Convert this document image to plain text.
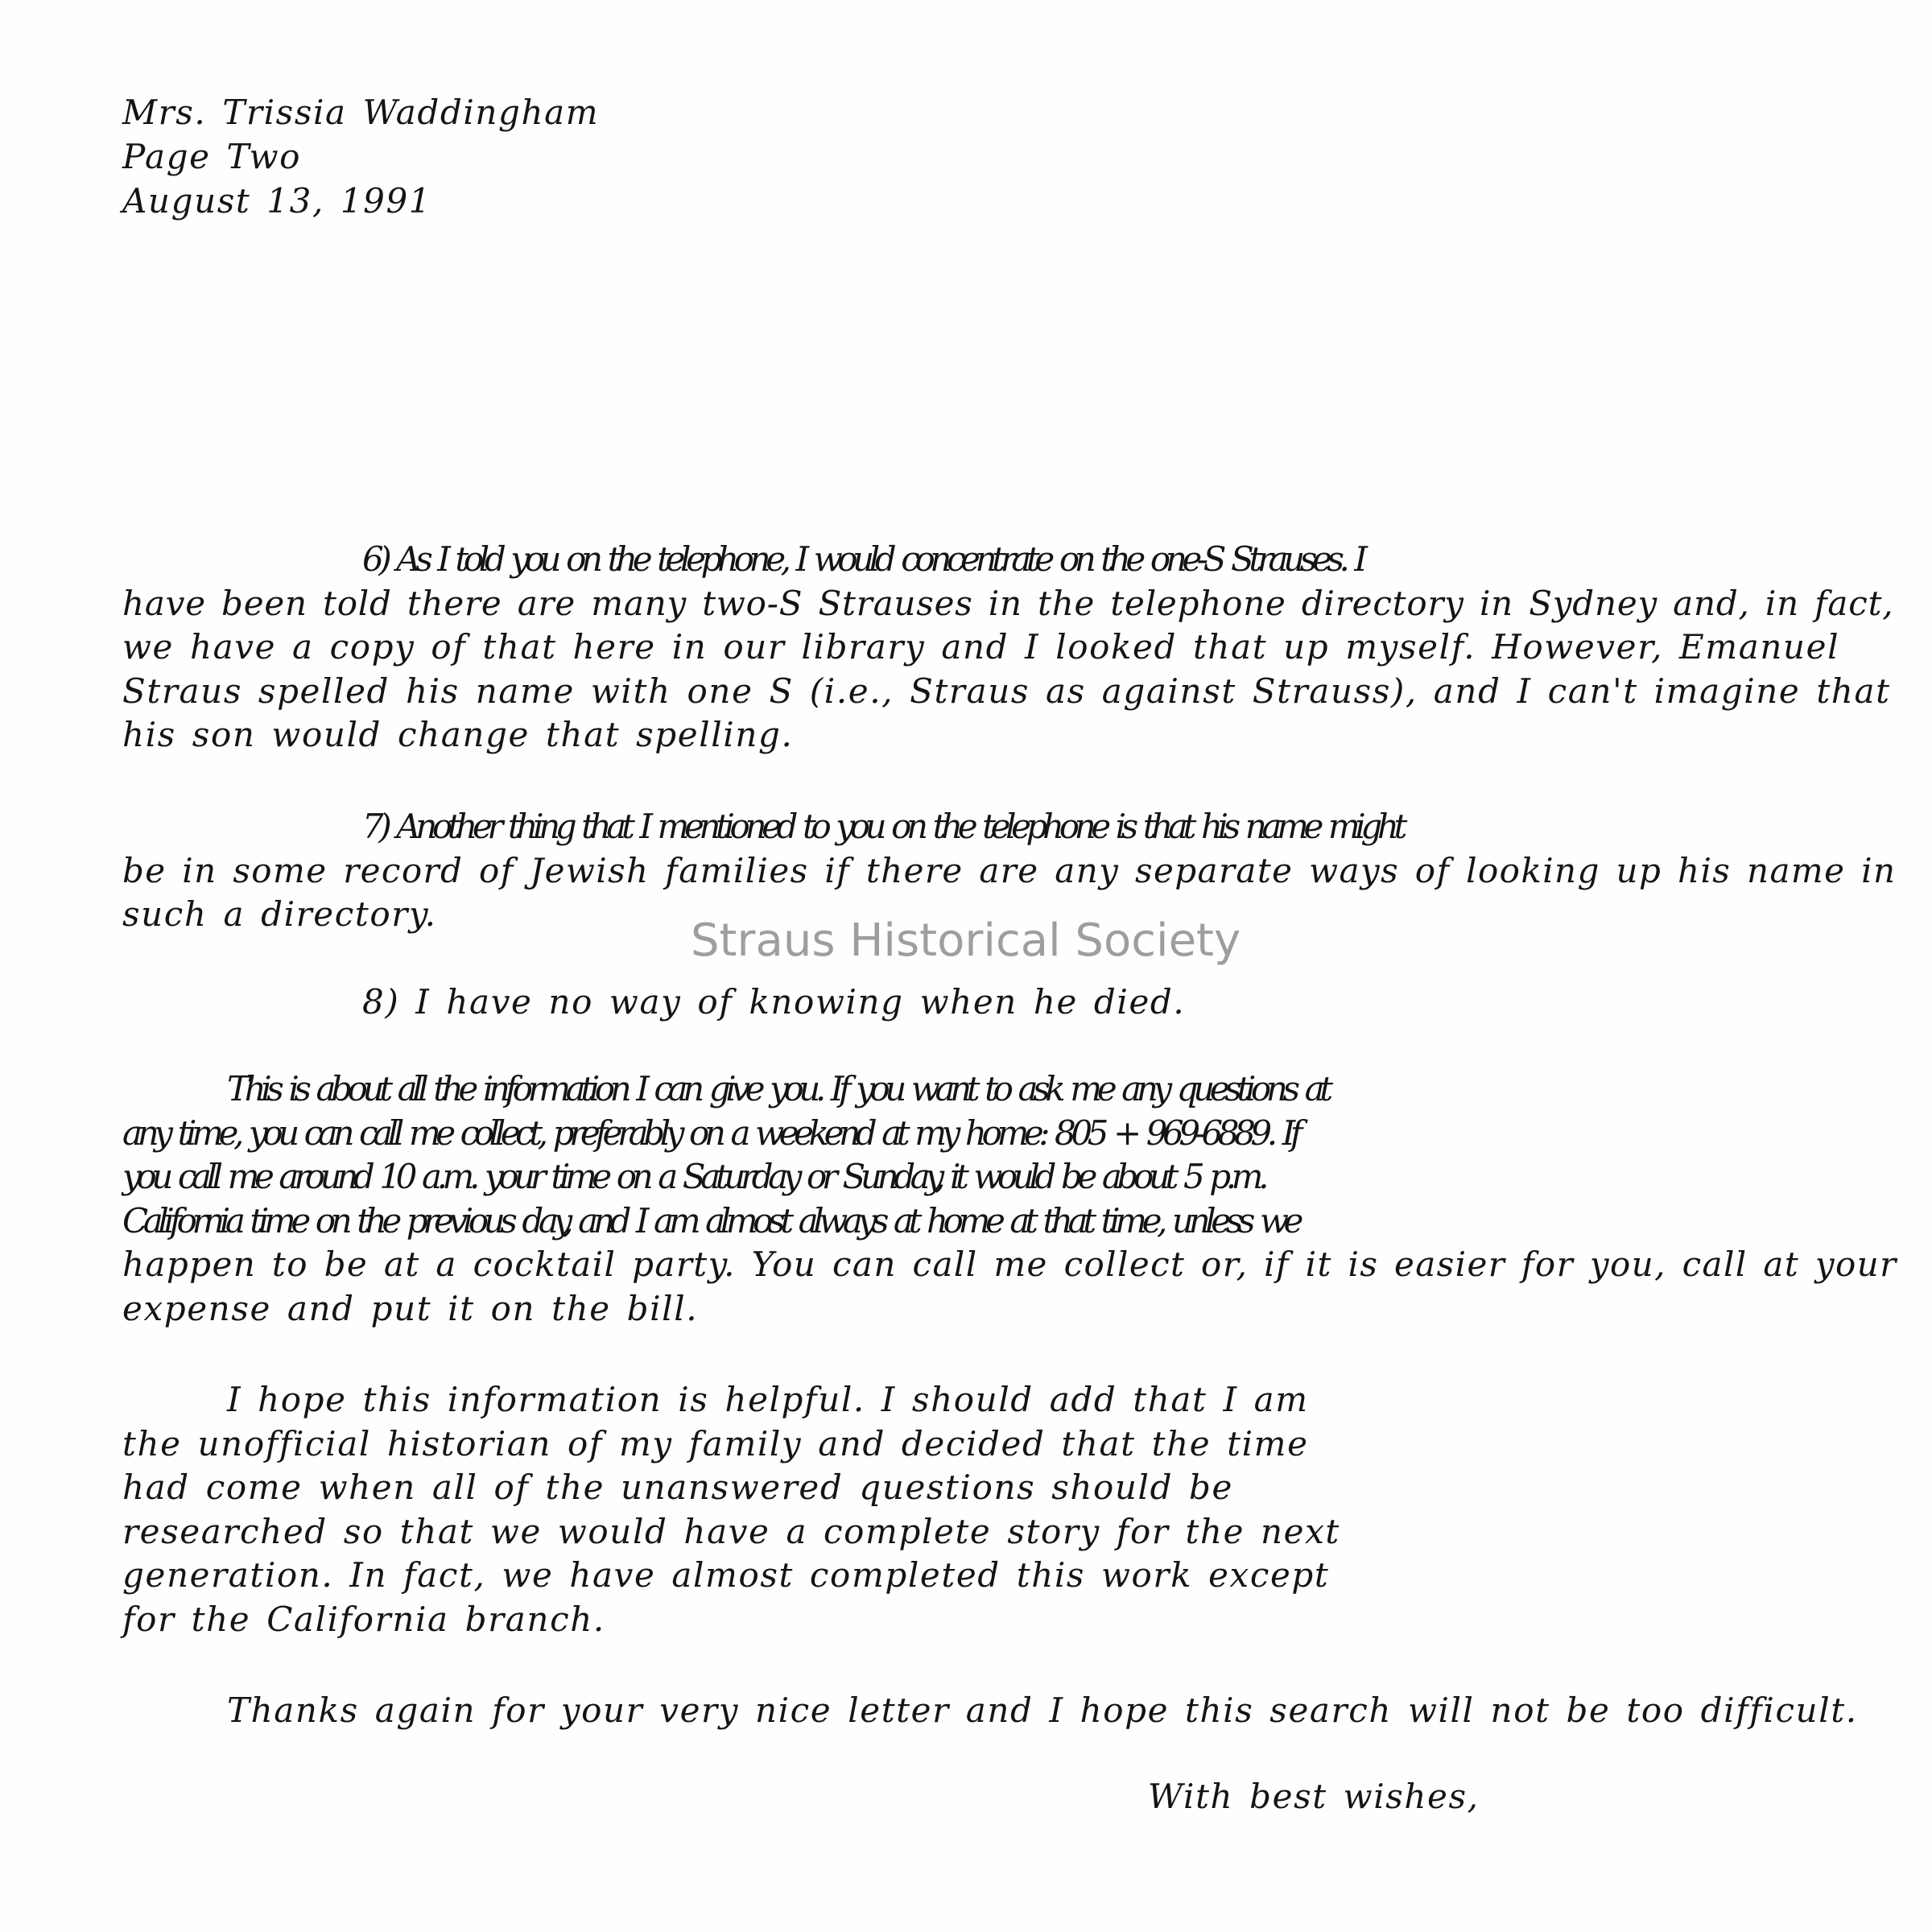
Mrs. Trissia Waddingham
Page Two
August 13, 1991
6) As I told you on the telephone, I would concentrate on the one-S Strauses. I
have been told there are many two-S Strauses in the telephone directory in Sydney and, in fact,
we have a copy of that here in our library and I looked that up myself. However, Emanuel
Straus spelled his name with one S (i.e., Straus as against Strauss), and I can't imagine that
his son would change that spelling.
7) Another thing that I mentioned to you on the telephone is that his name might
be in some record of Jewish families if there are any separate ways of looking up his name in
such a directory.
8) I have no way of knowing when he died.
This is about all the information I can give you. If you want to ask me any questions at
any time, you can call me collect, preferably on a weekend at my home: 805 + 969-6889. If
you call me around 10 a.m. your time on a Saturday or Sunday, it would be about 5 p.m.
California time on the previous day, and I am almost always at home at that time, unless we
happen to be at a cocktail party. You can call me collect or, if it is easier for you, call at your
expense and put it on the bill.
I hope this information is helpful. I should add that I am
the unofficial historian of my family and decided that the time
had come when all of the unanswered questions should be
researched so that we would have a complete story for the next
generation. In fact, we have almost completed this work except
for the California branch.
Thanks again for your very nice letter and I hope this search will not be too difficult.
With best wishes,
Straus Historical Society
